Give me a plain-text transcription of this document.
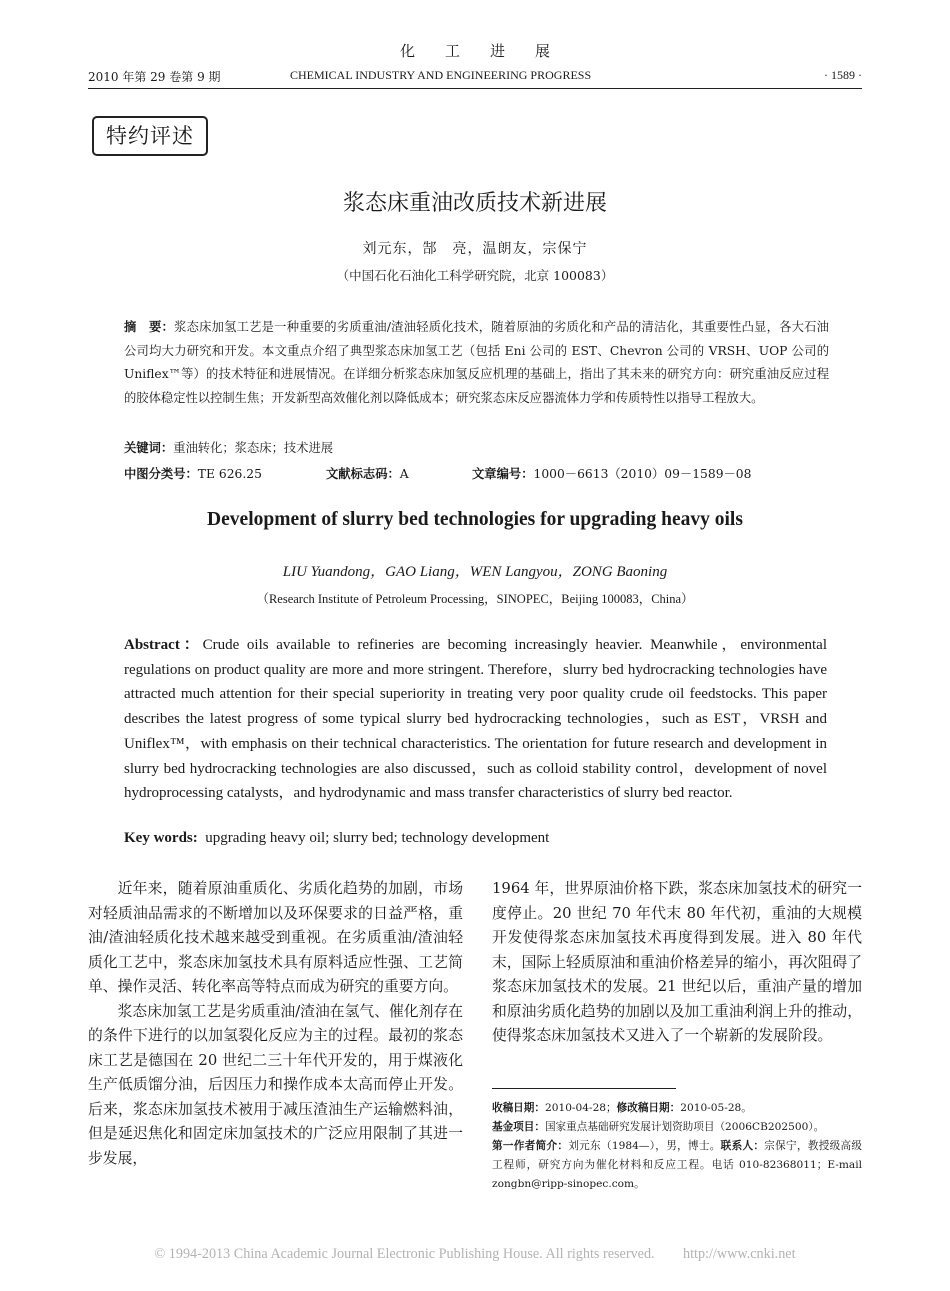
化工进展
2010 年第 29 卷第 9 期	CHEMICAL INDUSTRY AND ENGINEERING PROGRESS	· 1589 ·
特约评述
浆态床重油改质技术新进展
刘元东，郜　亮，温朗友，宗保宁
（中国石化石油化工科学研究院，北京 100083）
摘　要：浆态床加氢工艺是一种重要的劣质重油/渣油轻质化技术，随着原油的劣质化和产品的清洁化，其重要性凸显，各大石油公司均大力研究和开发。本文重点介绍了典型浆态床加氢工艺（包括 Eni 公司的 EST、Chevron 公司的 VRSH、UOP 公司的 Uniflex™等）的技术特征和进展情况。在详细分析浆态床加氢反应机理的基础上，指出了其未来的研究方向：研究重油反应过程的胶体稳定性以控制生焦；开发新型高效催化剂以降低成本；研究浆态床反应器流体力学和传质特性以指导工程放大。
关键词：重油转化；浆态床；技术进展
中图分类号：TE 626.25	文献标志码：A	文章编号：1000－6613（2010）09－1589－08
Development of slurry bed technologies for upgrading heavy oils
LIU Yuandong，GAO Liang，WEN Langyou，ZONG Baoning
（Research Institute of Petroleum Processing，SINOPEC，Beijing 100083，China）
Abstract：Crude oils available to refineries are becoming increasingly heavier. Meanwhile，environmental regulations on product quality are more and more stringent. Therefore，slurry bed hydrocracking technologies have attracted much attention for their special superiority in treating very poor quality crude oil feedstocks. This paper describes the latest progress of some typical slurry bed hydrocracking technologies，such as EST，VRSH and Uniflex™，with emphasis on their technical characteristics. The orientation for future research and development in slurry bed hydrocracking technologies are also discussed，such as colloid stability control，development of novel hydroprocessing catalysts，and hydrodynamic and mass transfer characteristics of slurry bed reactor.
Key words: upgrading heavy oil; slurry bed; technology development

近年来，随着原油重质化、劣质化趋势的加剧，市场对轻质油品需求的不断增加以及环保要求的日益严格，重油/渣油轻质化技术越来越受到重视。在劣质重油/渣油轻质化工艺中，浆态床加氢技术具有原料适应性强、工艺简单、操作灵活、转化率高等特点而成为研究的重要方向。

浆态床加氢工艺是劣质重油/渣油在氢气、催化剂存在的条件下进行的以加氢裂化反应为主的过程。最初的浆态床工艺是德国在 20 世纪二三十年代开发的，用于煤液化生产低质馏分油，后因压力和操作成本太高而停止开发。后来，浆态床加氢技术被用于减压渣油生产运输燃料油，但是延迟焦化和固定床加氢技术的广泛应用限制了其进一步发展，

1964 年，世界原油价格下跌，浆态床加氢技术的研究一度停止。20 世纪 70 年代末 80 年代初，重油的大规模开发使得浆态床加氢技术再度得到发展。进入 80 年代末，国际上轻质原油和重油价格差异的缩小，再次阻碍了浆态床加氢技术的发展。21 世纪以后，重油产量的增加和原油劣质化趋势的加剧以及加工重油利润上升的推动，使得浆态床加氢技术又进入了一个崭新的发展阶段。

收稿日期：2010-04-28；修改稿日期：2010-05-28。

基金项目：国家重点基础研究发展计划资助项目（2006CB202500）。

第一作者简介：刘元东（1984—），男，博士。联系人：宗保宁，教授级高级工程师，研究方向为催化材料和反应工程。电话 010-82368011；E-mail zongbn@ripp-sinopec.com。

© 1994-2013 China Academic Journal Electronic Publishing House. All rights reserved.　　http://www.cnki.net
